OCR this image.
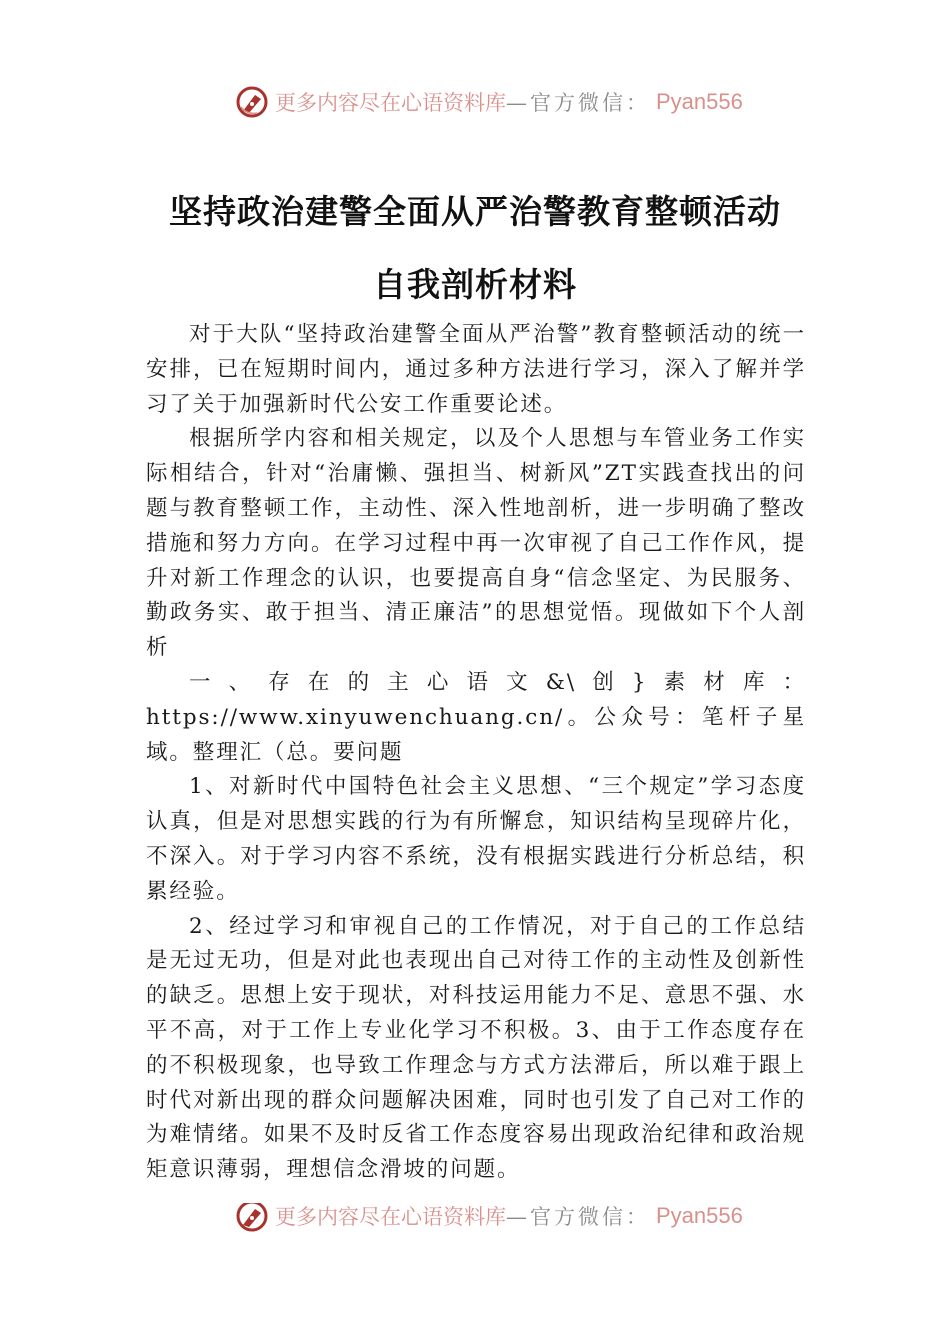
更多内容尽在心语资料库 —官方微信： Pyan556
坚持政治建警全面从严治警教育整顿活动
自我剖析材料

对于大队“坚持政治建警全面从严治警”教育整顿活动的统一安排，已在短期时间内，通过多种方法进行学习，深入了解并学习了关于加强新时代公安工作重要论述。

根据所学内容和相关规定，以及个人思想与车管业务工作实际相结合，针对“治庸懒、强担当、树新风”ZT实践查找出的问题与教育整顿工作，主动性、深入性地剖析，进一步明确了整改措施和努力方向。在学习过程中再一次审视了自己工作作风，提升对新工作理念的认识，也要提高自身“信念坚定、为民服务、勤政务实、敢于担当、清正廉洁”的思想觉悟。现做如下个人剖析

一、存在的主心语文&\创}素材库：https://www.xinyuwenchuang.cn/。公众号：笔杆子星域。整理汇（总。要问题

1、对新时代中国特色社会主义思想、“三个规定”学习态度认真，但是对思想实践的行为有所懈怠，知识结构呈现碎片化，不深入。对于学习内容不系统，没有根据实践进行分析总结，积累经验。

2、经过学习和审视自己的工作情况，对于自己的工作总结是无过无功，但是对此也表现出自己对待工作的主动性及创新性的缺乏。思想上安于现状，对科技运用能力不足、意思不强、水平不高，对于工作上专业化学习不积极。3、由于工作态度存在的不积极现象，也导致工作理念与方式方法滞后，所以难于跟上时代对新出现的群众问题解决困难，同时也引发了自己对工作的为难情绪。如果不及时反省工作态度容易出现政治纪律和政治规矩意识薄弱，理想信念滑坡的问题。

更多内容尽在心语资料库 —官方微信： Pyan556
